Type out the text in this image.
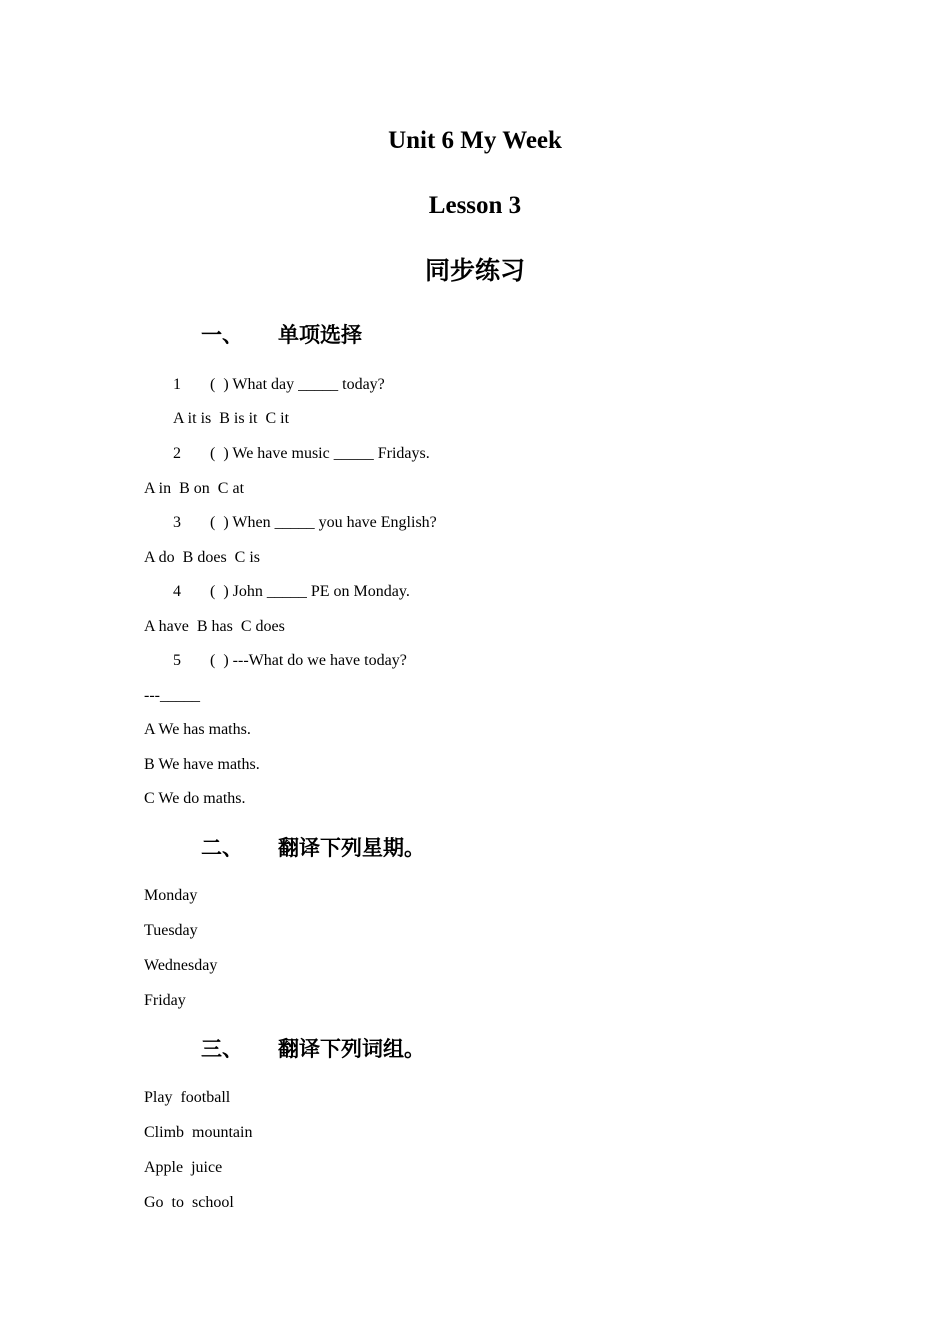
Unit 6 My Week
Lesson 3
同步练习
一、 单项选择
1 (  ) What day _____ today?
A it is  B is it  C it
2 (  ) We have music _____ Fridays.
A in  B on  C at
3 (  ) When _____ you have English?
A do  B does  C is
4 (  ) John _____ PE on Monday.
A have  B has  C does
5 (  ) ---What do we have today?
---_____
A We has maths.
B We have maths.
C We do maths.
二、 翻译下列星期。
Monday
Tuesday
Wednesday
Friday
三、 翻译下列词组。
Play  football
Climb  mountain
Apple  juice
Go  to  school
